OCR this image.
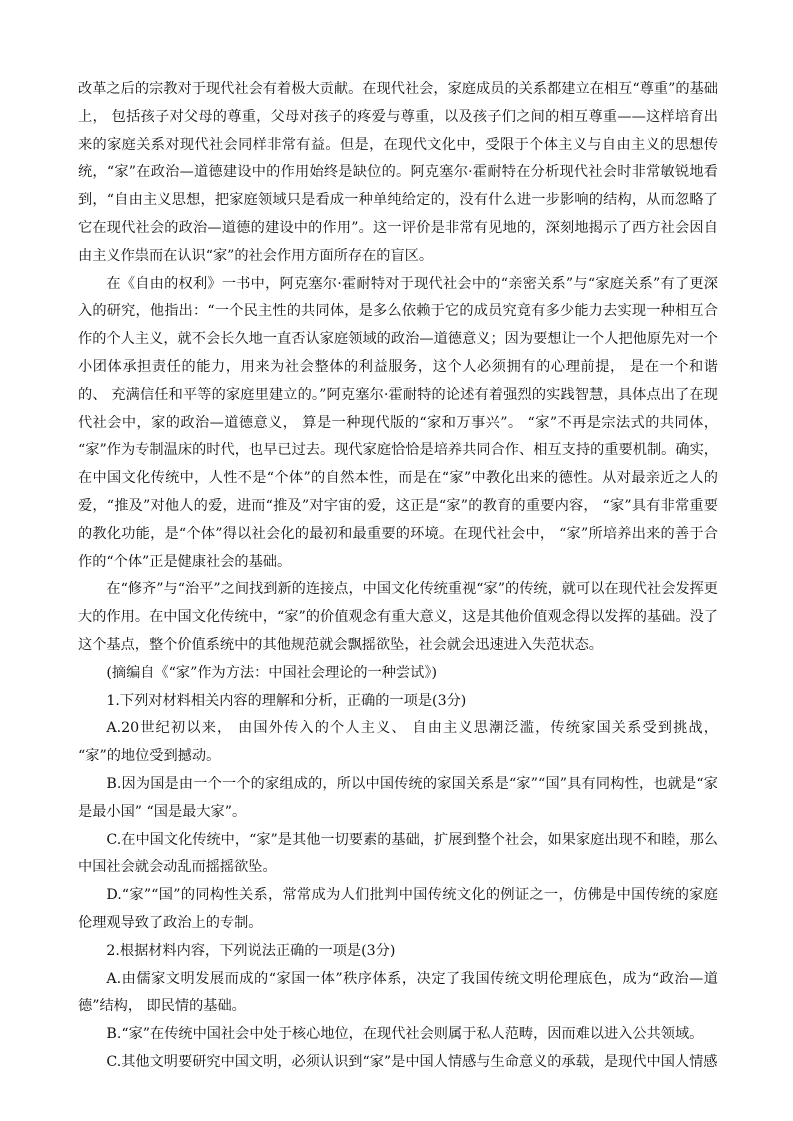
改革之后的宗教对于现代社会有着极大贡献。在现代社会，家庭成员的关系都建立在相互“尊重”的基础上， 包括孩子对父母的尊重，父母对孩子的疼爱与尊重，以及孩子们之间的相互尊重——这样培育出来的家庭关系对现代社会同样非常有益。但是，在现代文化中，受限于个体主义与自由主义的思想传统，“家”在政治—道德建设中的作用始终是缺位的。阿克塞尔·霍耐特在分析现代社会时非常敏锐地看到，“自由主义思想，把家庭领域只是看成一种单纯给定的，没有什么进一步影响的结构，从而忽略了它在现代社会的政治—道德的建设中的作用”。这一评价是非常有见地的，深刻地揭示了西方社会因自由主义作祟而在认识“家”的社会作用方面所存在的盲区。

在《自由的权利》一书中，阿克塞尔·霍耐特对于现代社会中的“亲密关系”与“家庭关系”有了更深入的研究，他指出：“一个民主性的共同体，是多么依赖于它的成员究竟有多少能力去实现一种相互合作的个人主义，就不会长久地一直否认家庭领域的政治—道德意义；因为要想让一个人把他原先对一个小团体承担责任的能力，用来为社会整体的利益服务，这个人必须拥有的心理前提， 是在一个和谐的、 充满信任和平等的家庭里建立的。”阿克塞尔·霍耐特的论述有着强烈的实践智慧，具体点出了在现代社会中，家的政治—道德意义， 算是一种现代版的“家和万事兴”。 “家”不再是宗法式的共同体， “家”作为专制温床的时代，也早已过去。现代家庭恰恰是培养共同合作、相互支持的重要机制。确实，在中国文化传统中，人性不是“个体”的自然本性，而是在“家”中教化出来的德性。从对最亲近之人的爱，“推及”对他人的爱，进而“推及”对宇宙的爱，这正是“家”的教育的重要内容， “家”具有非常重要的教化功能，是“个体”得以社会化的最初和最重要的环境。在现代社会中， “家”所培养出来的善于合作的“个体”正是健康社会的基础。

在“修齐”与“治平”之间找到新的连接点，中国文化传统重视“家”的传统，就可以在现代社会发挥更大的作用。在中国文化传统中，“家”的价值观念有重大意义，这是其他价值观念得以发挥的基础。没了这个基点，整个价值系统中的其他规范就会飘摇欲坠，社会就会迅速进入失范状态。

(摘编自《“家”作为方法：中国社会理论的一种尝试》)

1.下列对材料相关内容的理解和分析，正确的一项是(3分)

A.20世纪初以来， 由国外传入的个人主义、 自由主义思潮泛滥，传统家国关系受到挑战， “家”的地位受到撼动。

B.因为国是由一个一个的家组成的，所以中国传统的家国关系是“家”“国”具有同构性，也就是“家是最小国” “国是最大家”。

C.在中国文化传统中，“家”是其他一切要素的基础，扩展到整个社会，如果家庭出现不和睦，那么中国社会就会动乱而摇摇欲坠。

D.“家”“国”的同构性关系，常常成为人们批判中国传统文化的例证之一，仿佛是中国传统的家庭伦理观导致了政治上的专制。

2.根据材料内容，下列说法正确的一项是(3分)

A.由儒家文明发展而成的“家国一体”秩序体系，决定了我国传统文明伦理底色，成为“政治—道德”结构， 即民情的基础。

B.“家”在传统中国社会中处于核心地位，在现代社会则属于私人范畴，因而难以进入公共领域。

C.其他文明要研究中国文明，必须认识到“家”是中国人情感与生命意义的承载，是现代中国人情感
